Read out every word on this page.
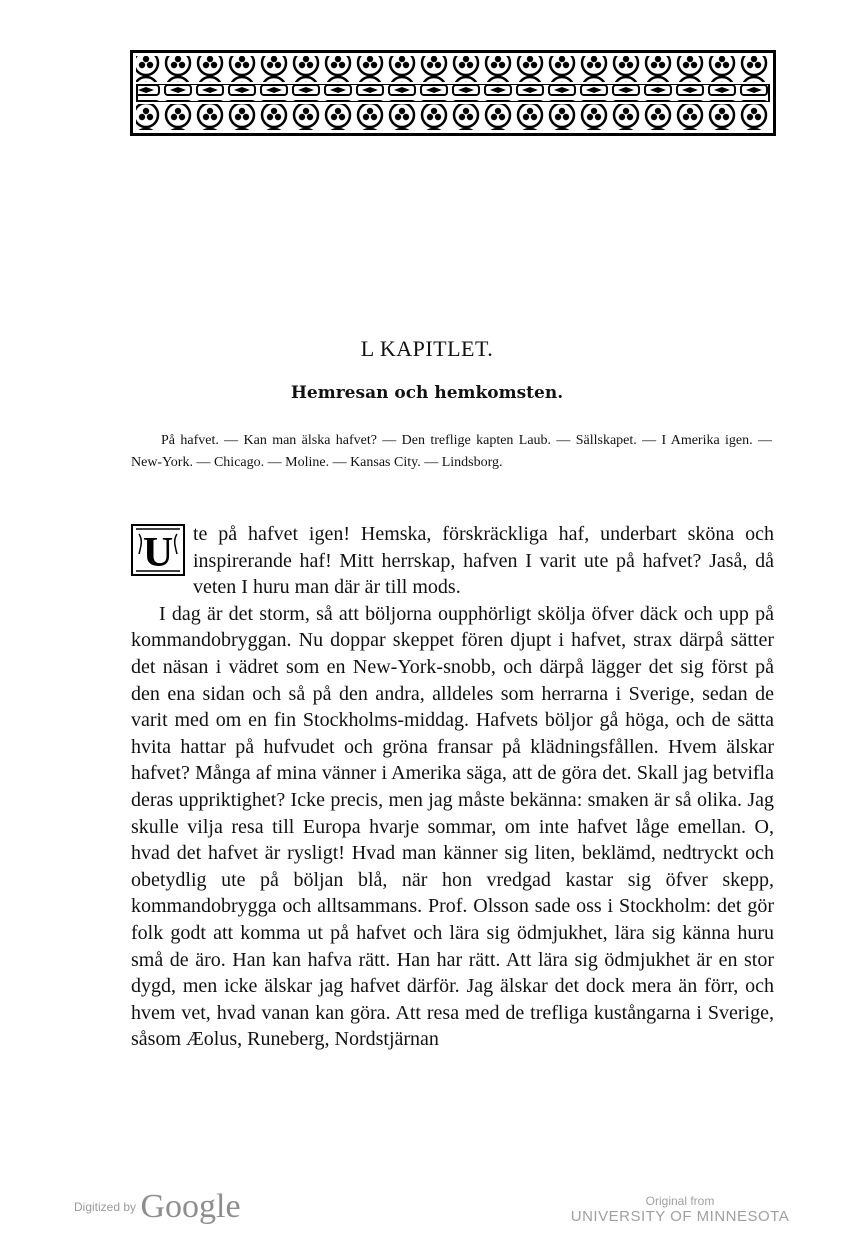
L KAPITLET.
Hemresan och hemkomsten.
På hafvet. — Kan man älska hafvet? — Den treflige kapten Laub. — Sällskapet. — I Amerika igen. — New-York. — Chicago. — Moline. — Kansas City. — Lindsborg.

U te på hafvet igen! Hemska, förskräckliga haf, underbart sköna och inspirerande haf! Mitt herrskap, hafven I varit ute på hafvet? Jaså, då veten I huru man där är till mods.

I dag är det storm, så att böljorna oupphörligt skölja öfver däck och upp på kommandobryggan. Nu doppar skeppet fören djupt i hafvet, strax därpå sätter det näsan i vädret som en New-York-snobb, och därpå lägger det sig först på den ena sidan och så på den andra, alldeles som herrarna i Sverige, sedan de varit med om en fin Stockholms-middag. Hafvets böljor gå höga, och de sätta hvita hattar på hufvudet och gröna fransar på klädningsfållen. Hvem älskar hafvet? Många af mina vänner i Amerika säga, att de göra det. Skall jag betvifla deras uppriktighet? Icke precis, men jag måste bekänna: smaken är så olika. Jag skulle vilja resa till Europa hvarje sommar, om inte hafvet låge emellan. O, hvad det hafvet är rysligt! Hvad man känner sig liten, beklämd, nedtryckt och obetydlig ute på böljan blå, när hon vredgad kastar sig öfver skepp, kommandobrygga och alltsammans. Prof. Olsson sade oss i Stockholm: det gör folk godt att komma ut på hafvet och lära sig ödmjukhet, lära sig känna huru små de äro. Han kan hafva rätt. Han har rätt. Att lära sig ödmjukhet är en stor dygd, men icke älskar jag hafvet därför. Jag älskar det dock mera än förr, och hvem vet, hvad vanan kan göra. Att resa med de trefliga kustångarna i Sverige, såsom Æolus, Runeberg, Nordstjärnan

Digitized by Google	Original from
UNIVERSITY OF MINNESOTA
